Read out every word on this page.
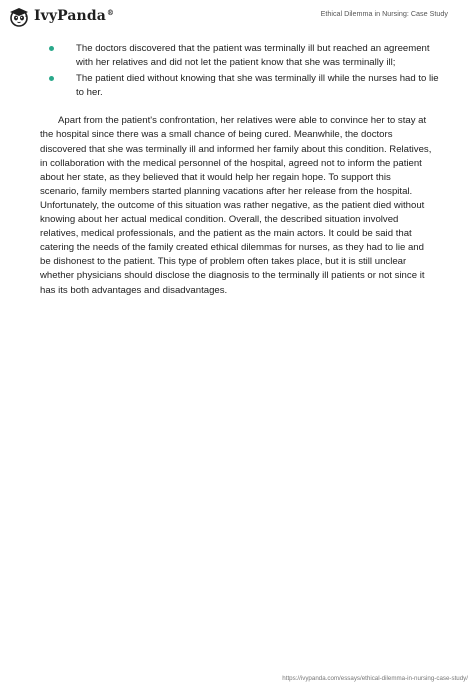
IvyPanda®	Ethical Dilemma in Nursing: Case Study
The doctors discovered that the patient was terminally ill but reached an agreement with her relatives and did not let the patient know that she was terminally ill;
The patient died without knowing that she was terminally ill while the nurses had to lie to her.

Apart from the patient's confrontation, her relatives were able to convince her to stay at the hospital since there was a small chance of being cured. Meanwhile, the doctors discovered that she was terminally ill and informed her family about this condition. Relatives, in collaboration with the medical personnel of the hospital, agreed not to inform the patient about her state, as they believed that it would help her regain hope. To support this scenario, family members started planning vacations after her release from the hospital. Unfortunately, the outcome of this situation was rather negative, as the patient died without knowing about her actual medical condition. Overall, the described situation involved relatives, medical professionals, and the patient as the main actors. It could be said that catering the needs of the family created ethical dilemmas for nurses, as they had to lie and be dishonest to the patient. This type of problem often takes place, but it is still unclear whether physicians should disclose the diagnosis to the terminally ill patients or not since it has its both advantages and disadvantages.

https://ivypanda.com/essays/ethical-dilemma-in-nursing-case-study/
